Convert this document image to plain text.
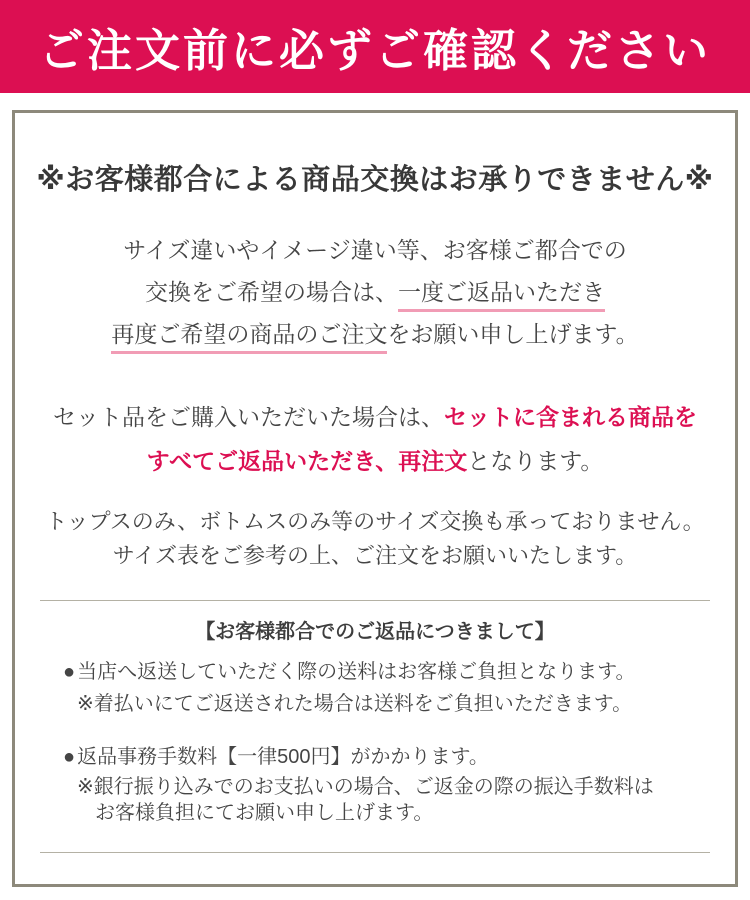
ご注文前に必ずご確認ください
※お客様都合による商品交換はお承りできません※

サイズ違いやイメージ違い等、お客様ご都合での
交換をご希望の場合は、一度ご返品いただき
再度ご希望の商品のご注文をお願い申し上げます。

セット品をご購入いただいた場合は、セットに含まれる商品を
すべてご返品いただき、再注文となります。

トップスのみ、ボトムスのみ等のサイズ交換も承っておりません。
サイズ表をご参考の上、ご注文をお願いいたします。

【お客様都合でのご返品につきまして】
● 当店へ返送していただく際の送料はお客様ご負担となります。
※着払いにてご返送された場合は送料をご負担いただきます。
● 返品事務手数料【一律500円】がかかります。
※銀行振り込みでのお支払いの場合、ご返金の際の振込手数料は
お客様負担にてお願い申し上げます。
